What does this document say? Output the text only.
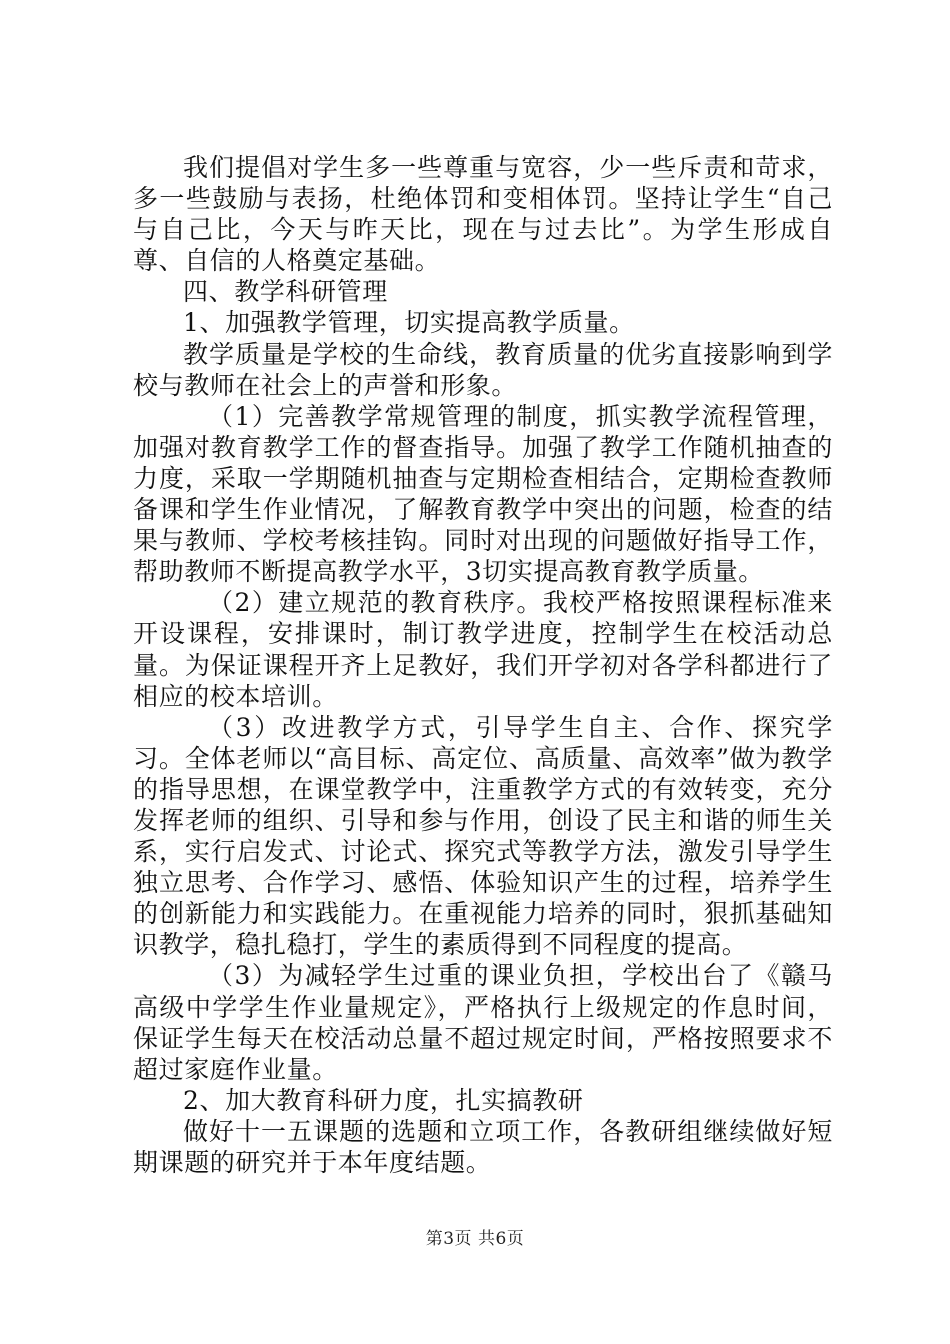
我们提倡对学生多一些尊重与宽容，少一些斥责和苛求，多一些鼓励与表扬，杜绝体罚和变相体罚。坚持让学生“自己与自己比，今天与昨天比，现在与过去比”。为学生形成自尊、自信的人格奠定基础。

四、教学科研管理

1、加强教学管理，切实提高教学质量。

教学质量是学校的生命线，教育质量的优劣直接影响到学校与教师在社会上的声誉和形象。

（1）完善教学常规管理的制度，抓实教学流程管理，加强对教育教学工作的督查指导。加强了教学工作随机抽查的力度，采取一学期随机抽查与定期检查相结合，定期检查教师备课和学生作业情况，了解教育教学中突出的问题，检查的结果与教师、学校考核挂钩。同时对出现的问题做好指导工作，帮助教师不断提高教学水平，3切实提高教育教学质量。

（2）建立规范的教育秩序。我校严格按照课程标准来开设课程，安排课时，制订教学进度，控制学生在校活动总量。为保证课程开齐上足教好，我们开学初对各学科都进行了相应的校本培训。

（3）改进教学方式，引导学生自主、合作、探究学习。全体老师以“高目标、高定位、高质量、高效率”做为教学的指导思想，在课堂教学中，注重教学方式的有效转变，充分发挥老师的组织、引导和参与作用，创设了民主和谐的师生关系，实行启发式、讨论式、探究式等教学方法，激发引导学生独立思考、合作学习、感悟、体验知识产生的过程，培养学生的创新能力和实践能力。在重视能力培养的同时，狠抓基础知识教学，稳扎稳打，学生的素质得到不同程度的提高。

（3）为减轻学生过重的课业负担，学校出台了《赣马高级中学学生作业量规定》，严格执行上级规定的作息时间，保证学生每天在校活动总量不超过规定时间，严格按照要求不超过家庭作业量。

2、加大教育科研力度，扎实搞教研

做好十一五课题的选题和立项工作，各教研组继续做好短期课题的研究并于本年度结题。

第3页 共6页
